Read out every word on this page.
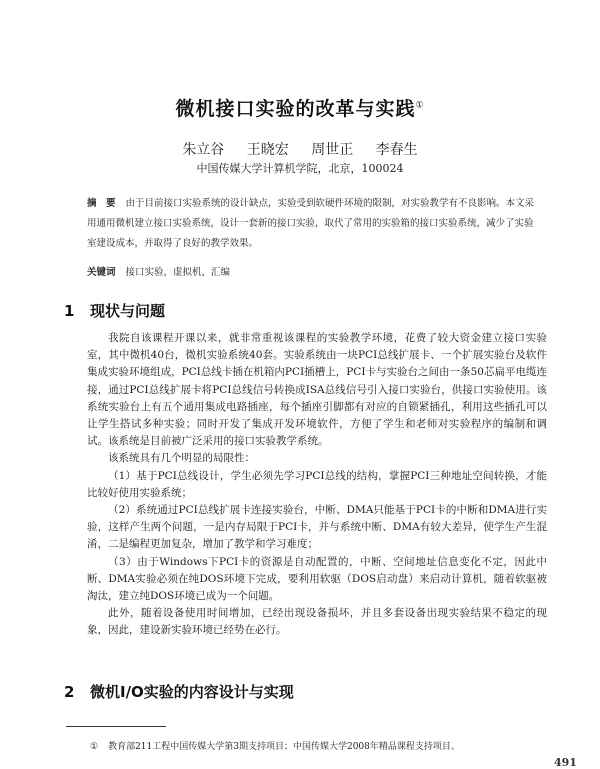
微机接口实验的改革与实践①
朱立谷 王晓宏 周世正 李春生
中国传媒大学计算机学院，北京，100024
摘　要 由于目前接口实验系统的设计缺点，实验受到软硬件环境的限制，对实验教学有不良影响。本文采用通用微机建立接口实验系统，设计一套新的接口实验，取代了常用的实验箱的接口实验系统，减少了实验室建设成本，并取得了良好的教学效果。
关键词 接口实验，虚拟机，汇编
1 现状与问题

我院自该课程开课以来，就非常重视该课程的实验教学环境，花费了较大资金建立接口实验室，其中微机40台，微机实验系统40套。实验系统由一块PCI总线扩展卡、一个扩展实验台及软件集成实验环境组成，PCI总线卡插在机箱内PCI插槽上，PCI卡与实验台之间由一条50芯扁平电缆连接，通过PCI总线扩展卡将PCI总线信号转换成ISA总线信号引入接口实验台，供接口实验使用。该系统实验台上有五个通用集成电路插座，每个插座引脚都有对应的自锁紧插孔，利用这些插孔可以让学生搭试多种实验；同时开发了集成开发环境软件，方便了学生和老师对实验程序的编制和调试。该系统是目前被广泛采用的接口实验教学系统。

该系统具有几个明显的局限性：

（1）基于PCI总线设计，学生必须先学习PCI总线的结构，掌握PCI三种地址空间转换，才能比较好使用实验系统；

（2）系统通过PCI总线扩展卡连接实验台，中断、DMA只能基于PCI卡的中断和DMA进行实验，这样产生两个问题，一是内存局限于PCI卡，并与系统中断、DMA有较大差异，使学生产生混淆，二是编程更加复杂，增加了教学和学习难度；

（3）由于Windows下PCI卡的资源是自动配置的，中断、空间地址信息变化不定，因此中断、DMA实验必须在纯DOS环境下完成，要利用软驱（DOS启动盘）来启动计算机，随着软驱被淘汰，建立纯DOS环境已成为一个问题。

此外，随着设备使用时间增加，已经出现设备损坏，并且多套设备出现实验结果不稳定的现象，因此，建设新实验环境已经势在必行。

2 微机I/O实验的内容设计与实现
① 教育部211工程中国传媒大学第3期支持项目；中国传媒大学2008年精品课程支持项目。
491
